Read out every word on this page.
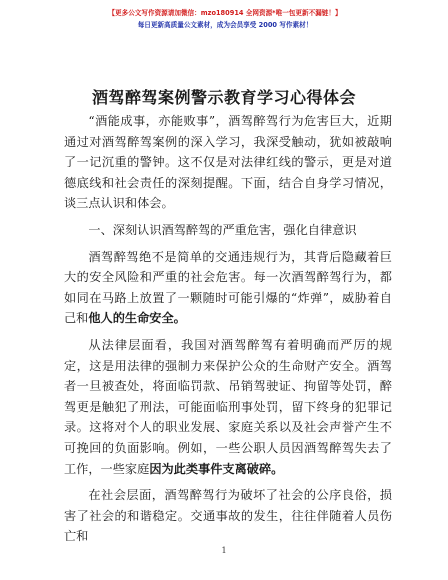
【更多公文写作资源请加微信：mzo180914 全网资源*唯一包更新不漏链！】
每日更新高质量公文素材，成为会员享受 2000 写作素材！
酒驾醉驾案例警示教育学习心得体会

“酒能成事，亦能败事”，酒驾醉驾行为危害巨大，近期通过对酒驾醉驾案例的深入学习，我深受触动，犹如被敲响了一记沉重的警钟。这不仅是对法律红线的警示，更是对道德底线和社会责任的深刻提醒。下面，结合自身学习情况，谈三点认识和体会。

一、深刻认识酒驾醉驾的严重危害，强化自律意识

酒驾醉驾绝不是简单的交通违规行为，其背后隐藏着巨大的安全风险和严重的社会危害。每一次酒驾醉驾行为，都如同在马路上放置了一颗随时可能引爆的“炸弹”，威胁着自己和他人的生命安全。

从法律层面看，我国对酒驾醉驾有着明确而严厉的规定，这是用法律的强制力来保护公众的生命财产安全。酒驾者一旦被查处，将面临罚款、吊销驾驶证、拘留等处罚，醉驾更是触犯了刑法，可能面临刑事处罚，留下终身的犯罪记录。这将对个人的职业发展、家庭关系以及社会声誉产生不可挽回的负面影响。例如，一些公职人员因酒驾醉驾失去了工作，一些家庭因为此类事件支离破碎。

在社会层面，酒驾醉驾行为破坏了社会的公序良俗，损害了社会的和谐稳定。交通事故的发生，往往伴随着人员伤亡和

1
